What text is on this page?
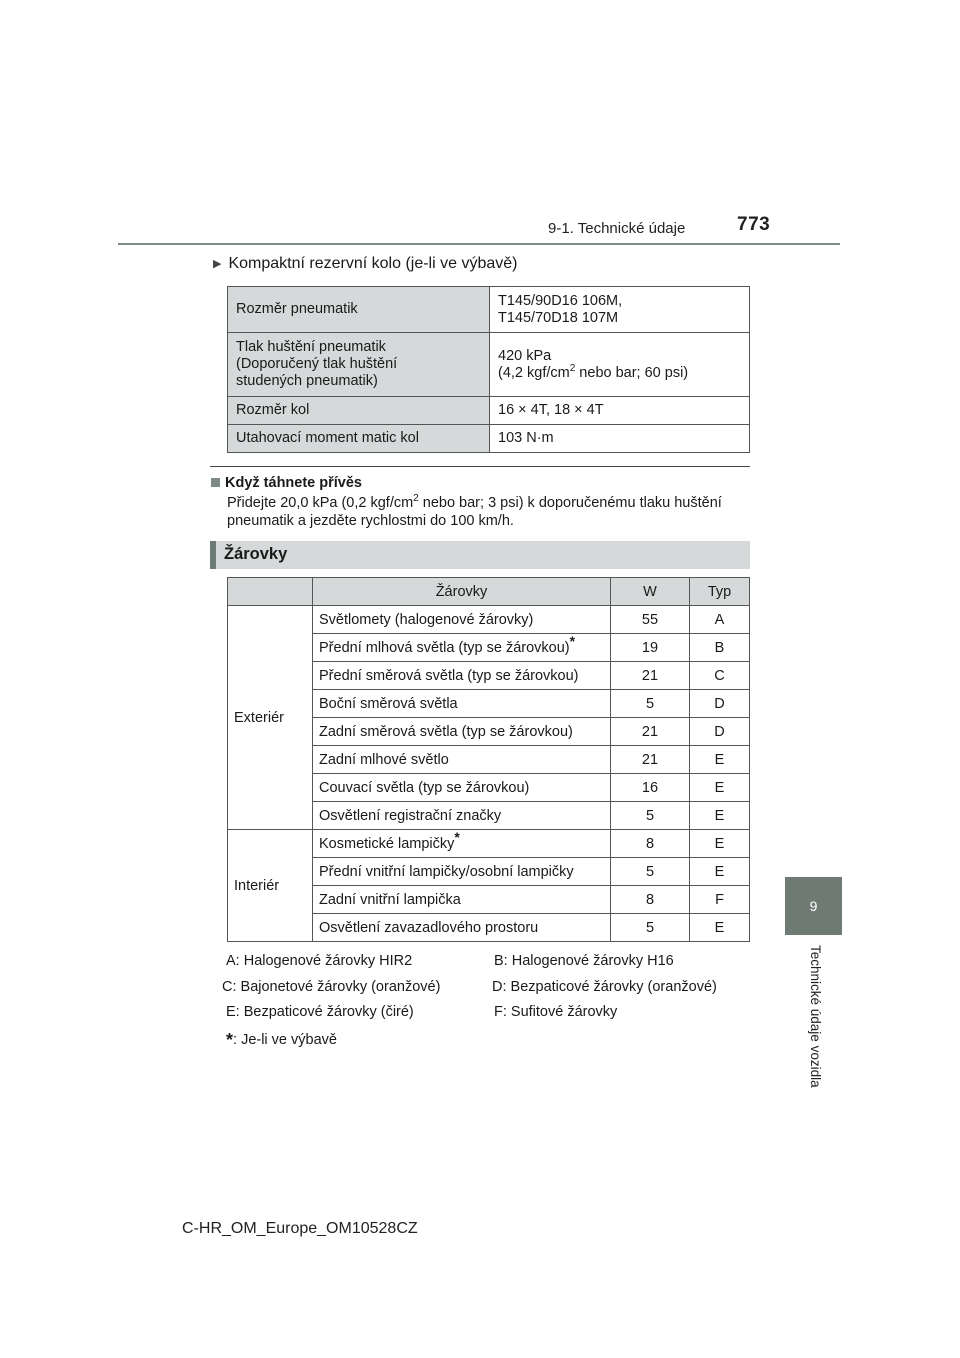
9-1. Technické údaje	773
9
Technické údaje vozidla
▶ Kompaktní rezervní kolo (je-li ve výbavě)
Rozměr pneumatik	T145/90D16 106M,
T145/70D18 107M
Tlak huštění pneumatik
(Doporučený tlak huštění
studených pneumatik)	420 kPa
(4,2 kgf/$cm^2$ nebo bar; 60 psi)
Rozměr kol	16 × 4T, 18 × 4T
Utahovací moment matic kol	103 N·m
Když táhnete přívěs
Přidejte 20,0 kPa (0,2 kgf/$cm^2$ nebo bar; 3 psi) k doporučenému tlaku huštění pneumatik a jezděte rychlostmi do 100 km/h.
Žárovky
	Žárovky	W	Typ
Exteriér	Světlomety (halogenové žárovky)	55	A
	Přední mlhová světla (typ se žárovkou)*	19	B
	Přední směrová světla (typ se žárovkou)	21	C
	Boční směrová světla	5	D
	Zadní směrová světla (typ se žárovkou)	21	D
	Zadní mlhové světlo	21	E
	Couvací světla (typ se žárovkou)	16	E
	Osvětlení registrační značky	5	E
Interiér	Kosmetické lampičky*	8	E
	Přední vnitřní lampičky/osobní lampičky	5	E
	Zadní vnitřní lampička	8	F
	Osvětlení zavazadlového prostoru	5	E
A: Halogenové žárovky HIR2	B: Halogenové žárovky H16
C: Bajonetové žárovky (oranžové)	D: Bezpaticové žárovky (oranžové)
E: Bezpaticové žárovky (čiré)	F: Sufitové žárovky
*: Je-li ve výbavě
C-HR_OM_Europe_OM10528CZ
